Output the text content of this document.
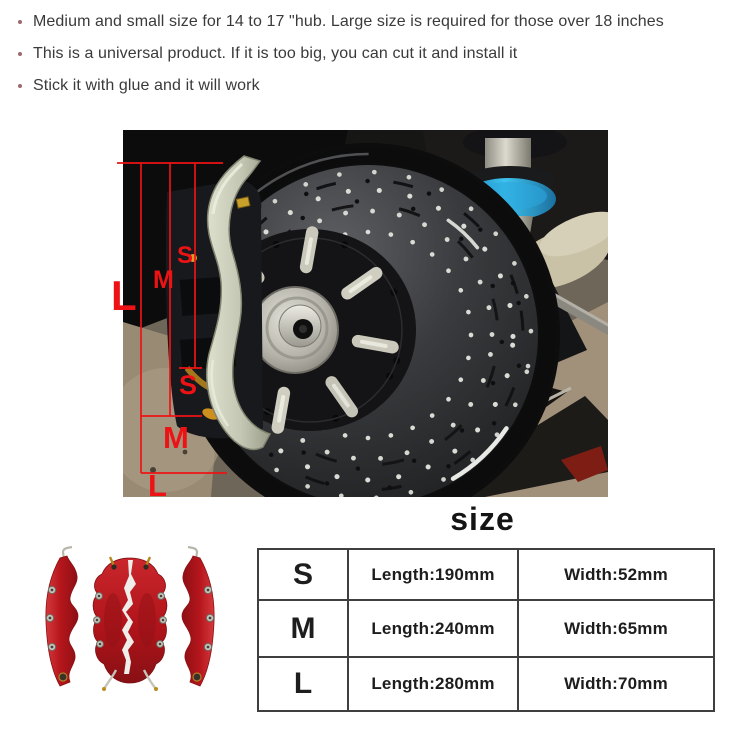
Medium and small size for 14 to 17 "hub. Large size is required for those over 18 inches
This is a universal product. If it is too big, you can cut it and install it
Stick it with glue and it will work
L M
S
S
M
L
size
S	Length:190mm	Width:52mm
M	Length:240mm	Width:65mm
L	Length:280mm	Width:70mm
